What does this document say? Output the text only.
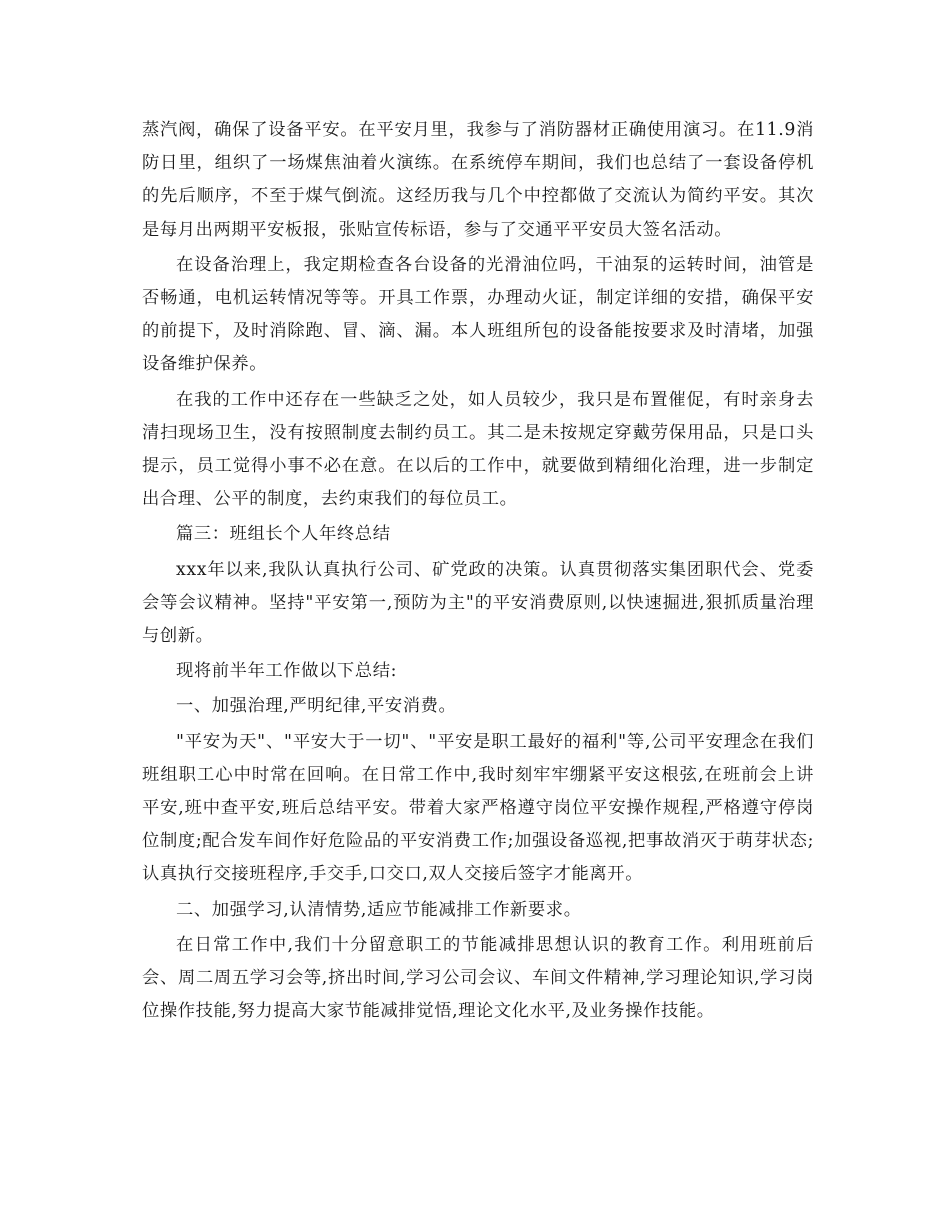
蒸汽阀，确保了设备平安。在平安月里，我参与了消防器材正确使用演习。在11.9消防日里，组织了一场煤焦油着火演练。在系统停车期间，我们也总结了一套设备停机的先后顺序，不至于煤气倒流。这经历我与几个中控都做了交流认为简约平安。其次是每月出两期平安板报，张贴宣传标语，参与了交通平平安员大签名活动。

在设备治理上，我定期检查各台设备的光滑油位吗，干油泵的运转时间，油管是否畅通，电机运转情况等等。开具工作票，办理动火证，制定详细的安措，确保平安的前提下，及时消除跑、冒、滴、漏。本人班组所包的设备能按要求及时清堵，加强设备维护保养。

在我的工作中还存在一些缺乏之处，如人员较少，我只是布置催促，有时亲身去清扫现场卫生，没有按照制度去制约员工。其二是未按规定穿戴劳保用品，只是口头提示，员工觉得小事不必在意。在以后的工作中，就要做到精细化治理，进一步制定出合理、公平的制度，去约束我们的每位员工。

篇三：班组长个人年终总结

xxx年以来,我队认真执行公司、矿党政的决策。认真贯彻落实集团职代会、党委会等会议精神。坚持"平安第一,预防为主"的平安消费原则,以快速掘进,狠抓质量治理与创新。

现将前半年工作做以下总结:

一、加强治理,严明纪律,平安消费。

"平安为天"、"平安大于一切"、"平安是职工最好的福利"等,公司平安理念在我们班组职工心中时常在回响。在日常工作中,我时刻牢牢绷紧平安这根弦,在班前会上讲平安,班中查平安,班后总结平安。带着大家严格遵守岗位平安操作规程,严格遵守停岗位制度;配合发车间作好危险品的平安消费工作;加强设备巡视,把事故消灭于萌芽状态;认真执行交接班程序,手交手,口交口,双人交接后签字才能离开。

二、加强学习,认清情势,适应节能减排工作新要求。

在日常工作中,我们十分留意职工的节能减排思想认识的教育工作。利用班前后会、周二周五学习会等,挤出时间,学习公司会议、车间文件精神,学习理论知识,学习岗位操作技能,努力提高大家节能减排觉悟,理论文化水平,及业务操作技能。
